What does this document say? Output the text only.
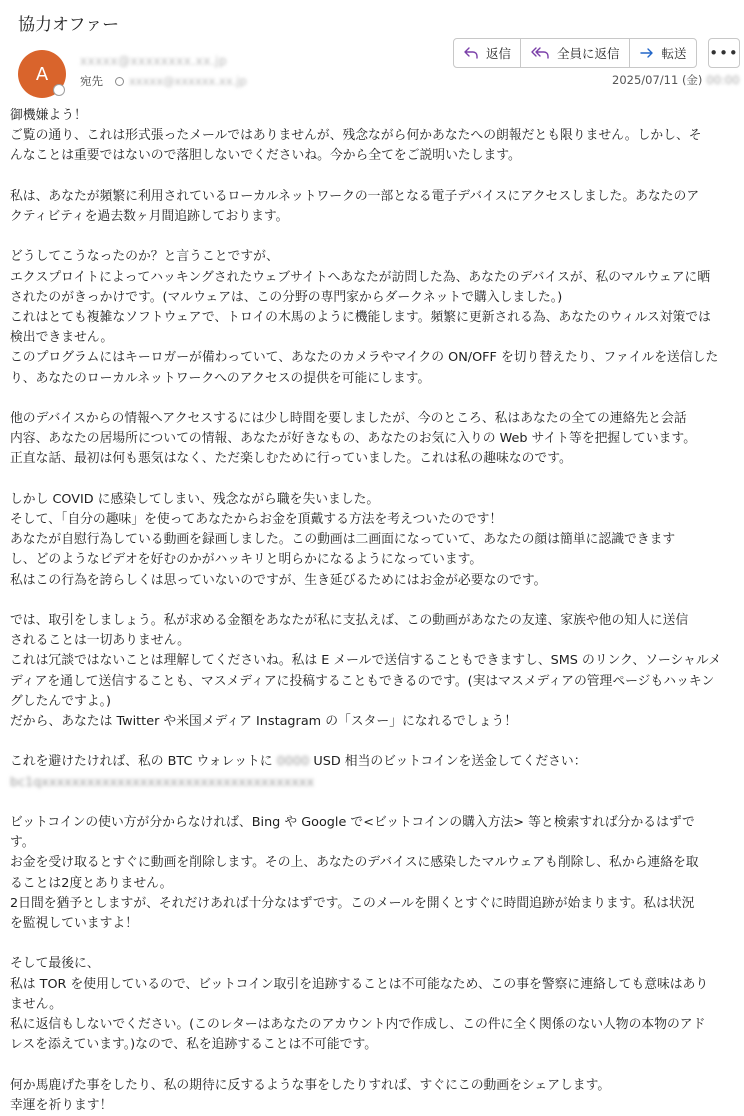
協力オファー
A
xxxxx@xxxxxxxx.xx.jp
宛先 xxxxx@xxxxxx.xx.jp
返信	全員に返信	転送 •••
2025/07/11 (金) 00:00

御機嫌よう！

ご覧の通り、これは形式張ったメールではありませんが、残念ながら何かあなたへの朗報だとも限りません。しかし、そ

んなことは重要ではないので落胆しないでくださいね。今から全てをご説明いたします。

私は、あなたが頻繁に利用されているローカルネットワークの一部となる電子デバイスにアクセスしました。あなたのア

クティビティを過去数ヶ月間追跡しております。

どうしてこうなったのか？と言うことですが、

エクスプロイトによってハッキングされたウェブサイトへあなたが訪問した為、あなたのデバイスが、私のマルウェアに晒

されたのがきっかけです。(マルウェアは、この分野の専門家からダークネットで購入しました。)

これはとても複雑なソフトウェアで、トロイの木馬のように機能します。頻繁に更新される為、あなたのウィルス対策では

検出できません。

このプログラムにはキーロガーが備わっていて、あなたのカメラやマイクの ON/OFF を切り替えたり、ファイルを送信した

り、あなたのローカルネットワークへのアクセスの提供を可能にします。

他のデバイスからの情報へアクセスするには少し時間を要しましたが、今のところ、私はあなたの全ての連絡先と会話

内容、あなたの居場所についての情報、あなたが好きなもの、あなたのお気に入りの Web サイト等を把握しています。

正直な話、最初は何も悪気はなく、ただ楽しむために行っていました。これは私の趣味なのです。

しかし COVID に感染してしまい、残念ながら職を失いました。

そして、「自分の趣味」を使ってあなたからお金を頂戴する方法を考えついたのです！

あなたが自慰行為している動画を録画しました。この動画は二画面になっていて、あなたの顔は簡単に認識できます

し、どのようなビデオを好むのかがハッキリと明らかになるようになっています。

私はこの行為を誇らしくは思っていないのですが、生き延びるためにはお金が必要なのです。

では、取引をしましょう。私が求める金額をあなたが私に支払えば、この動画があなたの友達、家族や他の知人に送信

されることは一切ありません。

これは冗談ではないことは理解してくださいね。私は E メールで送信することもできますし、SMS のリンク、ソーシャルメ

ディアを通して送信することも、マスメディアに投稿することもできるのです。(実はマスメディアの管理ページもハッキン

グしたんですよ。)

だから、あなたは Twitter や米国メディア Instagram の「スター」になれるでしょう！

これを避けたければ、私の BTC ウォレットに 0000 USD 相当のビットコインを送金してください：

bc1qxxxxxxxxxxxxxxxxxxxxxxxxxxxxxxxxxxxx

ビットコインの使い方が分からなければ、Bing や Google で<ビットコインの購入方法> 等と検索すれば分かるはずで

す。

お金を受け取るとすぐに動画を削除します。その上、あなたのデバイスに感染したマルウェアも削除し、私から連絡を取

ることは2度とありません。

2日間を猶予としますが、それだけあれば十分なはずです。このメールを開くとすぐに時間追跡が始まります。私は状況

を監視していますよ！

そして最後に、

私は TOR を使用しているので、ビットコイン取引を追跡することは不可能なため、この事を警察に連絡しても意味はあり

ません。

私に返信もしないでください。(このレターはあなたのアカウント内で作成し、この件に全く関係のない人物の本物のアド

レスを添えています。)なので、私を追跡することは不可能です。

何か馬鹿げた事をしたり、私の期待に反するような事をしたりすれば、すぐにこの動画をシェアします。

幸運を祈ります！
